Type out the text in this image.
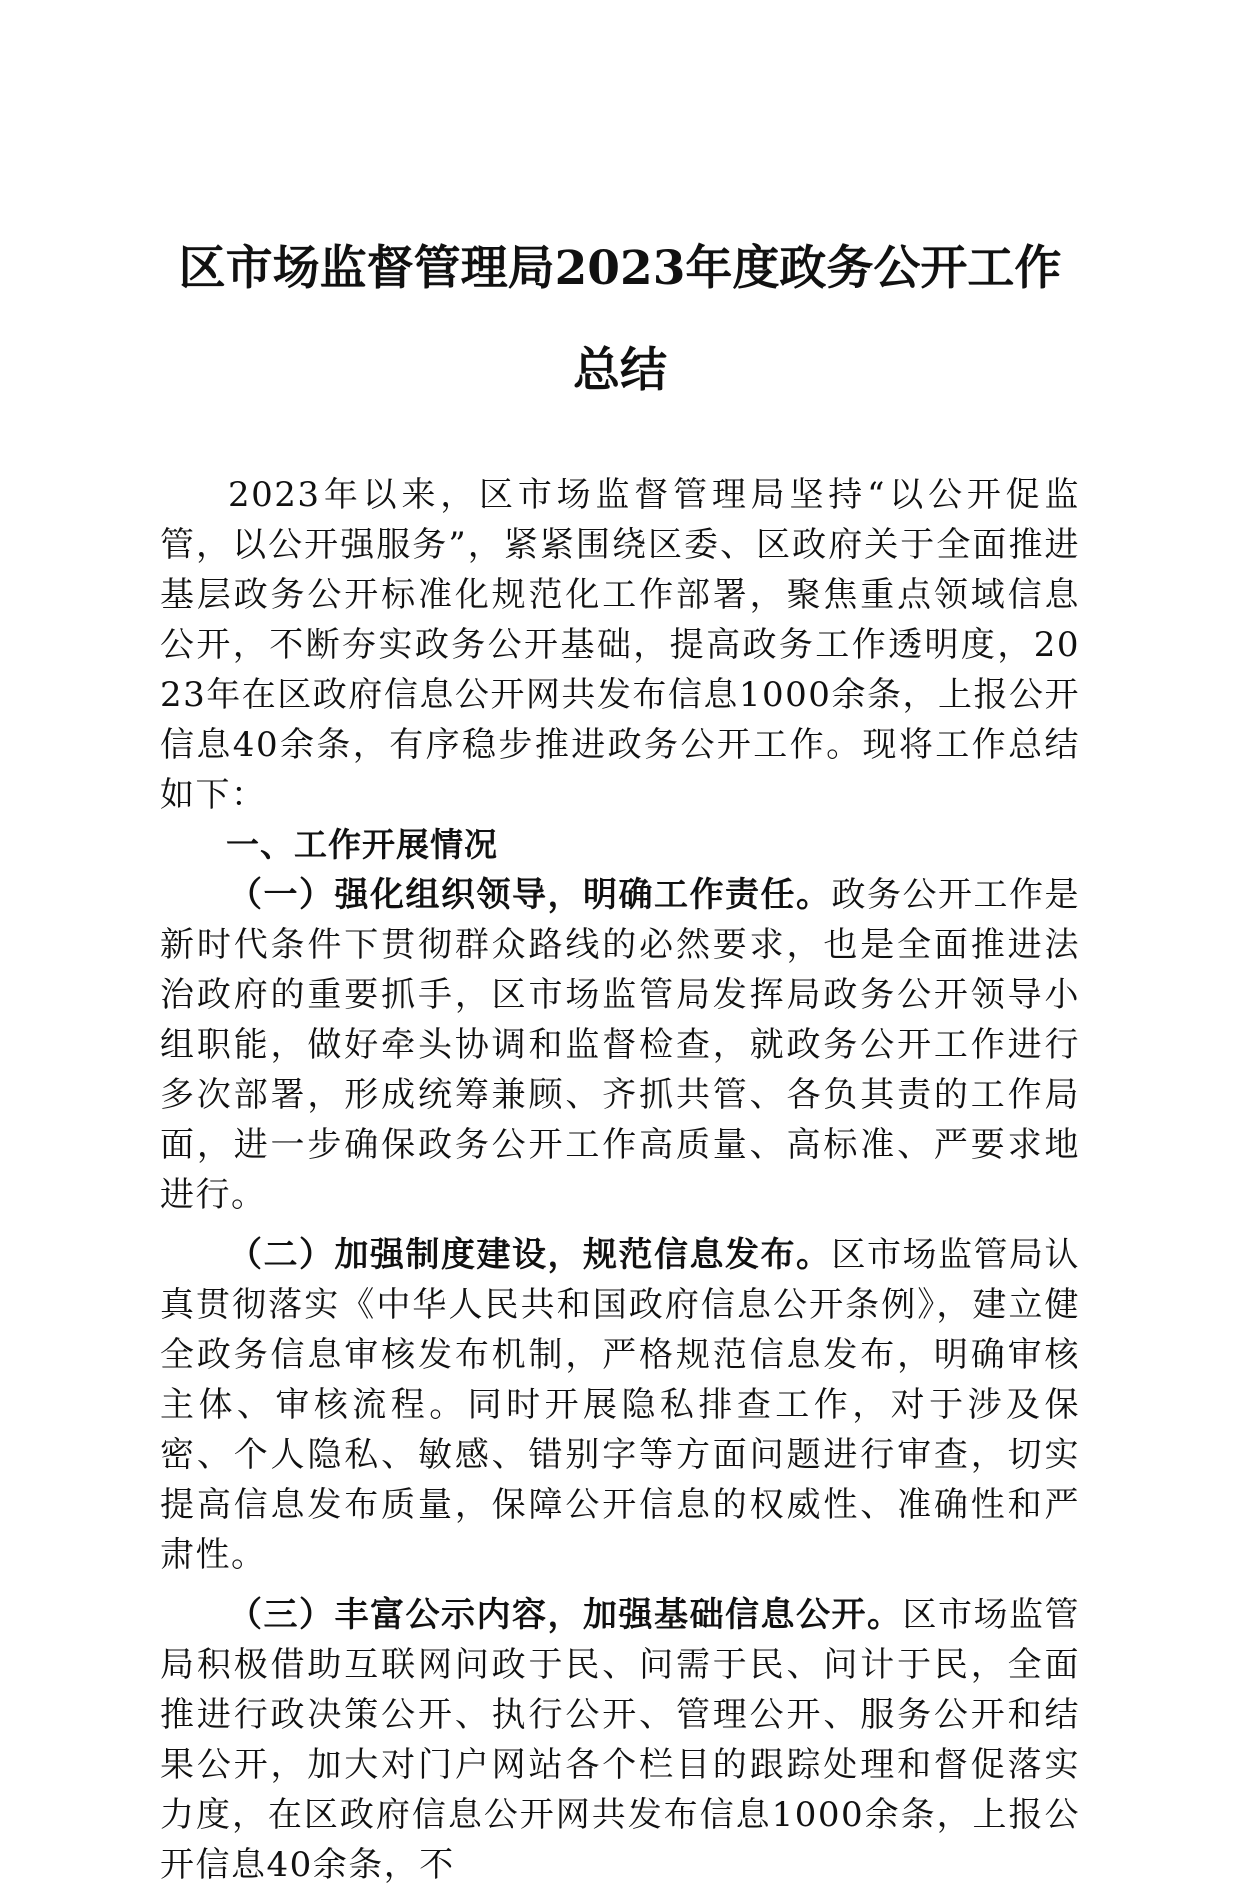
区市场监督管理局2023年度政务公开工作总结

2023年以来，区市场监督管理局坚持“以公开促监管，以公开强服务”，紧紧围绕区委、区政府关于全面推进基层政务公开标准化规范化工作部署，聚焦重点领域信息公开，不断夯实政务公开基础，提高政务工作透明度，2023年在区政府信息公开网共发布信息1000余条，上报公开信息40余条，有序稳步推进政务公开工作。现将工作总结如下：

一、工作开展情况

（一）强化组织领导，明确工作责任。政务公开工作是新时代条件下贯彻群众路线的必然要求，也是全面推进法治政府的重要抓手，区市场监管局发挥局政务公开领导小组职能，做好牵头协调和监督检查，就政务公开工作进行多次部署，形成统筹兼顾、齐抓共管、各负其责的工作局面，进一步确保政务公开工作高质量、高标准、严要求地进行。

（二）加强制度建设，规范信息发布。区市场监管局认真贯彻落实《中华人民共和国政府信息公开条例》，建立健全政务信息审核发布机制，严格规范信息发布，明确审核主体、审核流程。同时开展隐私排查工作，对于涉及保密、个人隐私、敏感、错别字等方面问题进行审查，切实提高信息发布质量，保障公开信息的权威性、准确性和严肃性。

（三）丰富公示内容，加强基础信息公开。区市场监管局积极借助互联网问政于民、问需于民、问计于民，全面推进行政决策公开、执行公开、管理公开、服务公开和结果公开，加大对门户网站各个栏目的跟踪处理和督促落实力度，在区政府信息公开网共发布信息1000余条，上报公开信息40余条，不
